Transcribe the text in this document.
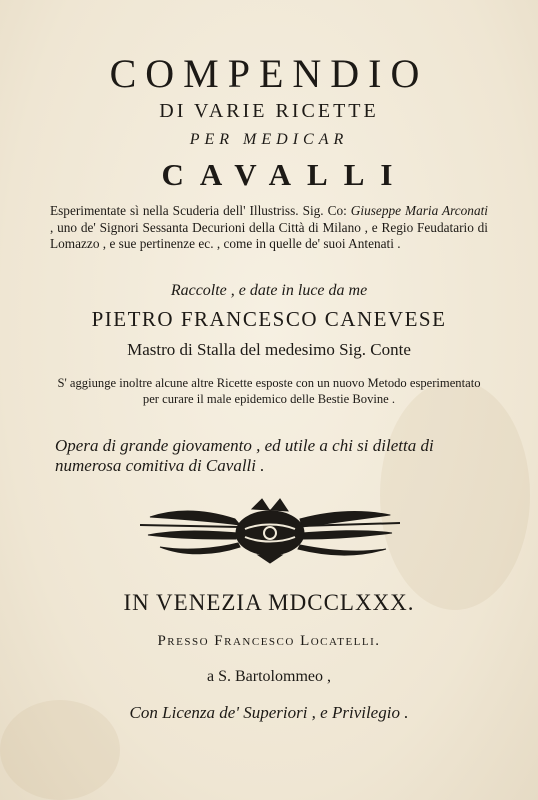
COMPENDIO

DI VARIE RICETTE

PER MEDICAR

CAVALLI

Esperimentate sì nella Scuderia dell' Illustriss. Sig. Co: Giuseppe Maria Arconati , uno de' Signori Sessanta Decurioni della Città di Milano , e Regio Feudatario di Lomazzo , e sue pertinenze ec. , come in quelle de' suoi Antenati .

Raccolte , e date in luce da me

PIETRO FRANCESCO CANEVESE

Mastro di Stalla del medesimo Sig. Conte

S' aggiunge inoltre alcune altre Ricette esposte con un nuovo Metodo esperimentato per curare il male epidemico delle Bestie Bovine .

Opera di grande giovamento , ed utile a chi si diletta di numerosa comitiva di Cavalli .

IN VENEZIA MDCCLXXX.

Presso Francesco Locatelli.

a S. Bartolommeo ,

Con Licenza de' Superiori , e Privilegio .
